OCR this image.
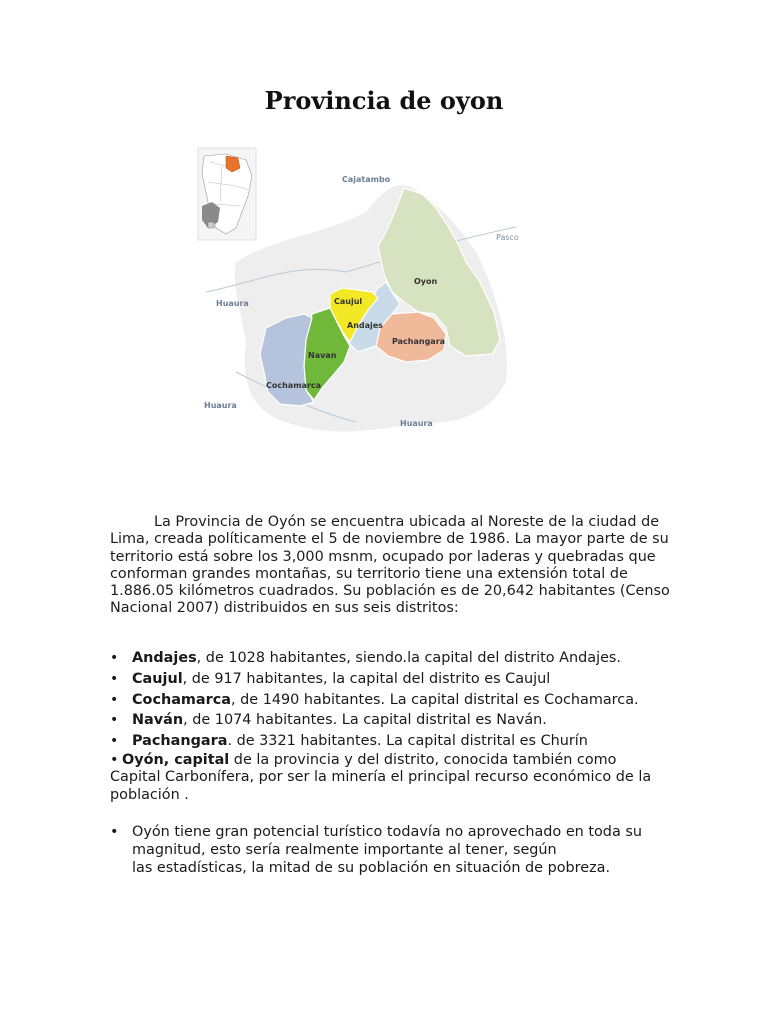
Provincia de oyon
Cajatambo
Pasco
Huaura
Huaura
Huaura
Oyon
Caujul
Andajes
Pachangara
Navan
Cochamarca

La Provincia de Oyón se encuentra ubicada al Noreste de la ciudad de Lima, creada políticamente el 5 de noviembre de 1986. La mayor parte de su territorio está sobre los 3,000 msnm, ocupado por laderas y quebradas que conforman grandes montañas, su territorio tiene una extensión total de 1.886.05 kilómetros cuadrados. Su población es de 20,642 habitantes (Censo Nacional 2007) distribuidos en sus seis distritos:

• Andajes, de 1028 habitantes, siendo.la capital del distrito Andajes.
• Caujul, de 917 habitantes, la capital del distrito es Caujul
• Cochamarca, de 1490 habitantes. La capital distrital es Cochamarca.
• Naván, de 1074 habitantes. La capital distrital es Naván.
• Pachangara. de 3321 habitantes. La capital distrital es Churín

• Oyón, capital de la provincia y del distrito, conocida también como Capital Carbonífera, por ser la minería el principal recurso económico de la población .

• Oyón tiene gran potencial turístico todavía no aprovechado en toda su magnitud, esto sería realmente importante al tener, según
las estadísticas, la mitad de su población en situación de pobreza.
